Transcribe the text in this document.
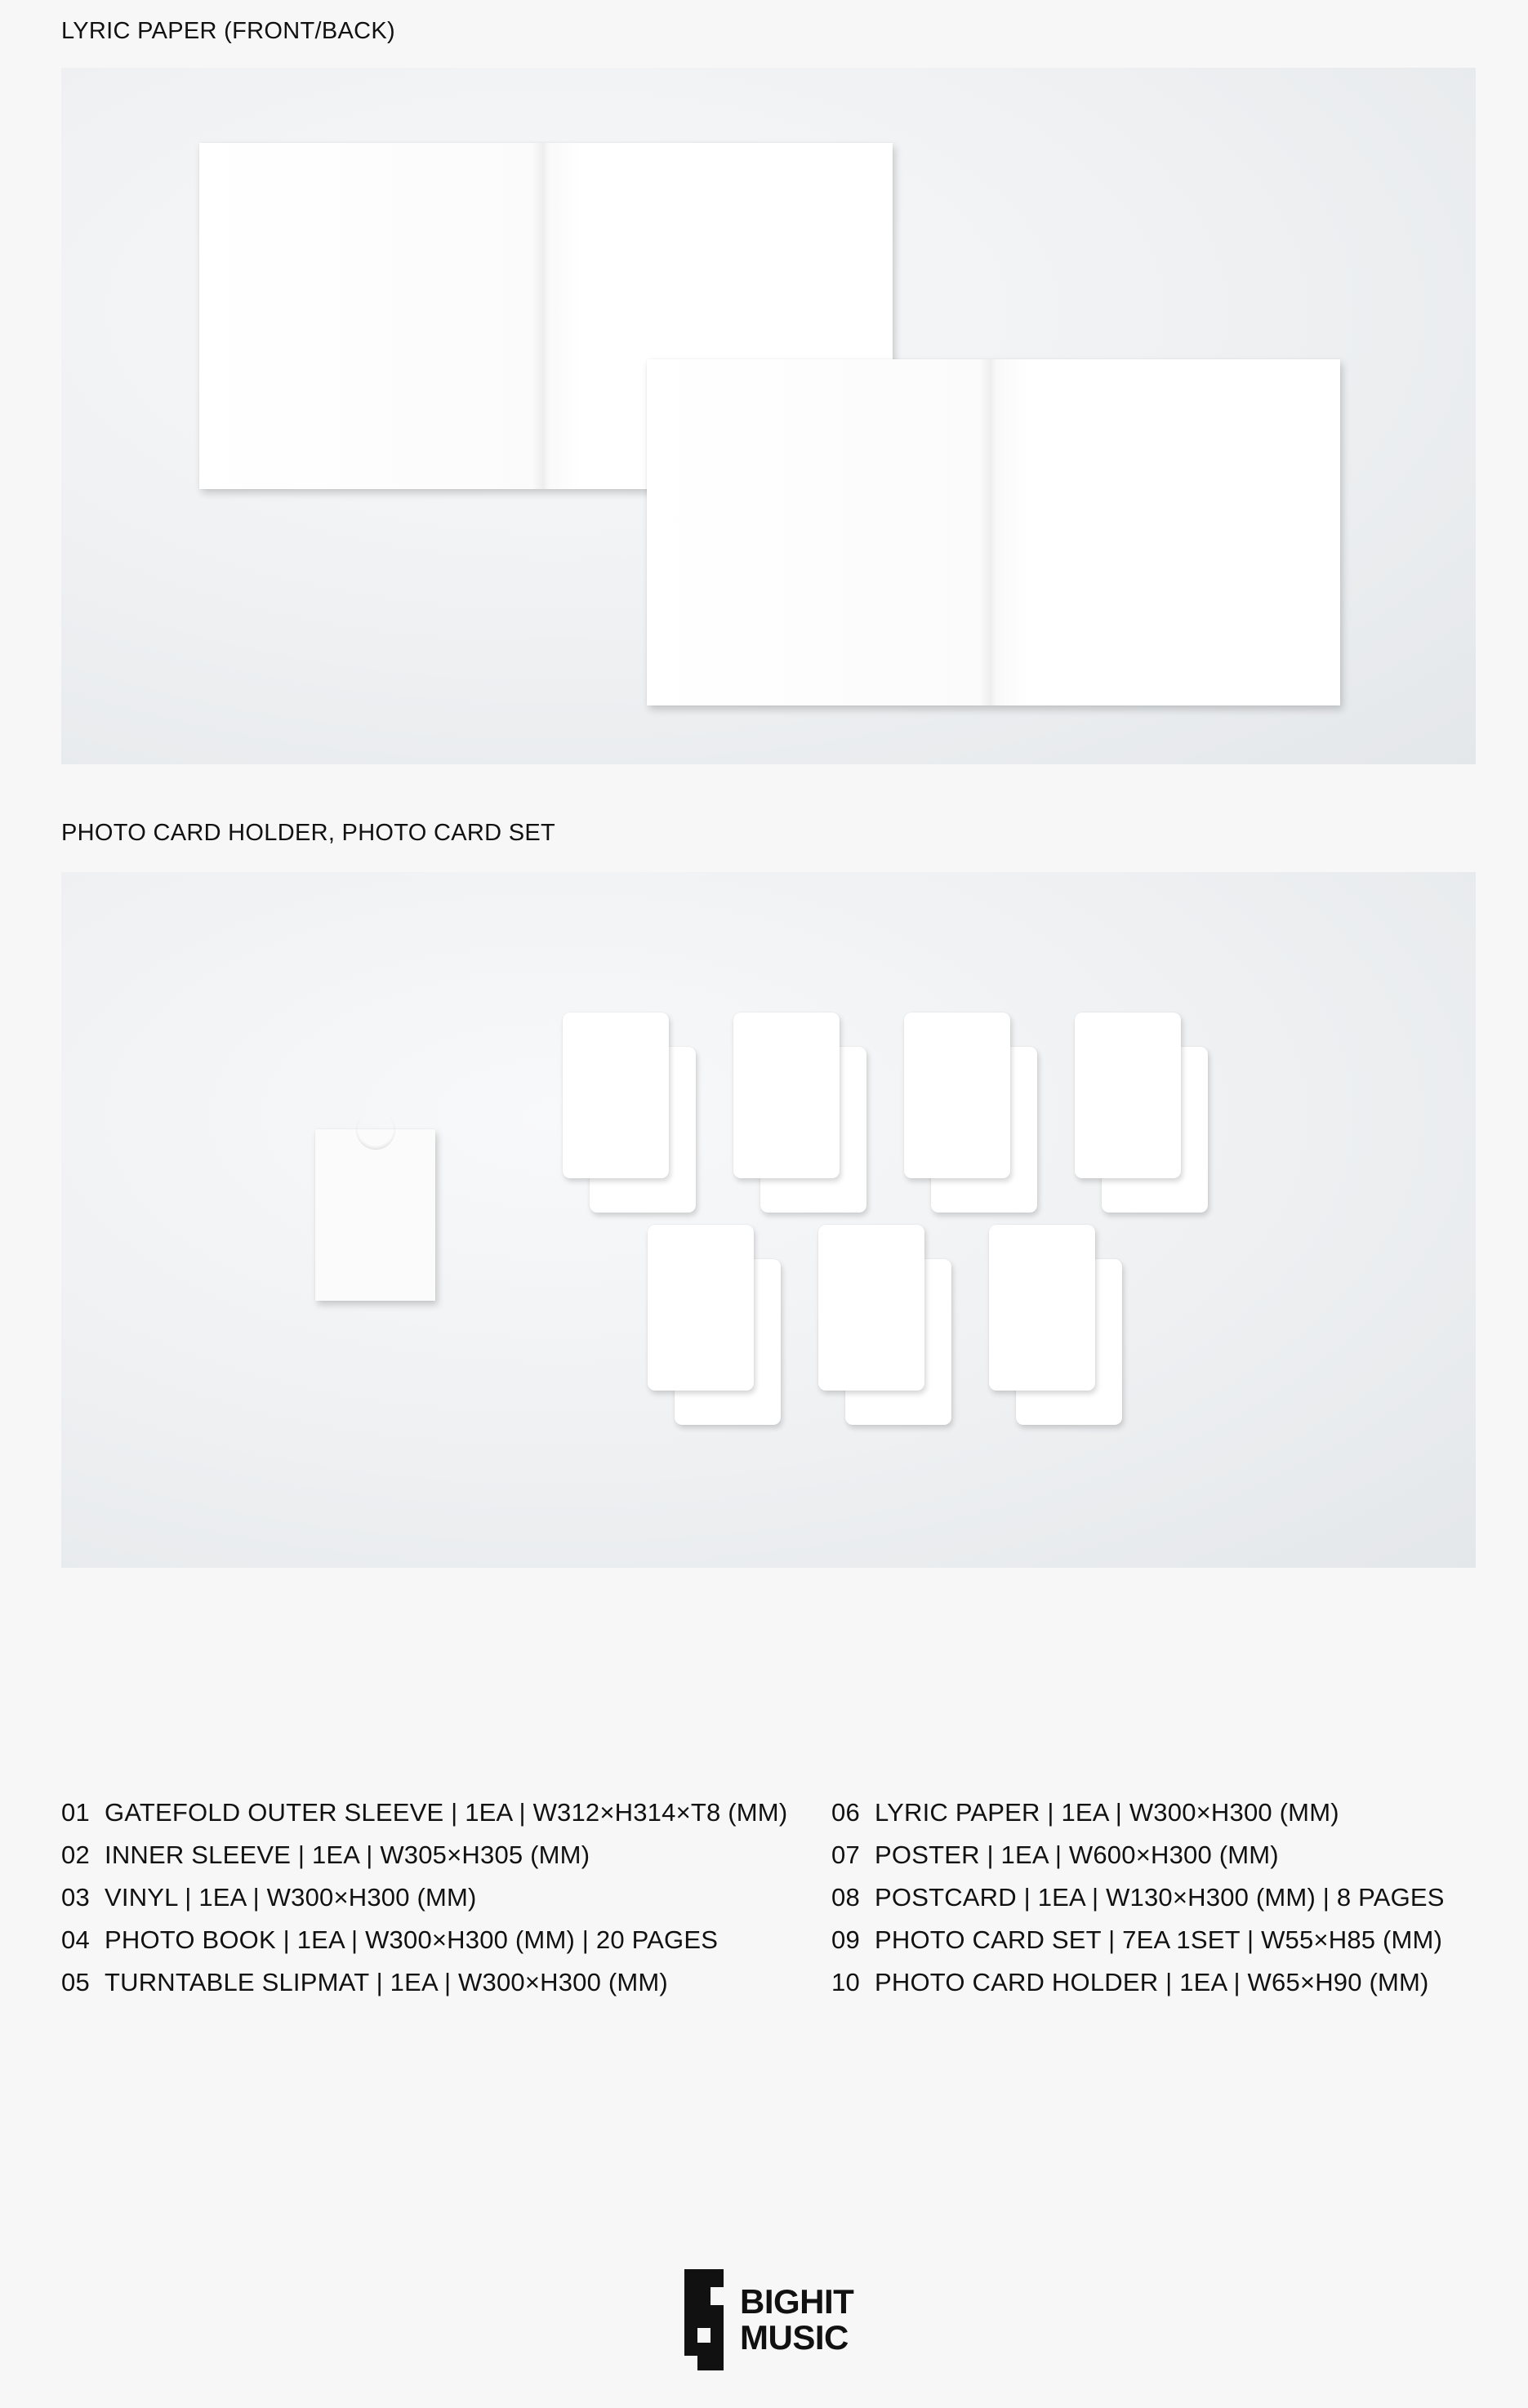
LYRIC PAPER (FRONT/BACK)
PHOTO CARD HOLDER, PHOTO CARD SET
01 GATEFOLD OUTER SLEEVE | 1EA | W312×H314×T8 (MM)
02 INNER SLEEVE | 1EA | W305×H305 (MM)
03 VINYL | 1EA | W300×H300 (MM)
04 PHOTO BOOK | 1EA | W300×H300 (MM) | 20 PAGES
05 TURNTABLE SLIPMAT | 1EA | W300×H300 (MM)
06 LYRIC PAPER | 1EA | W300×H300 (MM)
07 POSTER | 1EA | W600×H300 (MM)
08 POSTCARD | 1EA | W130×H300 (MM) | 8 PAGES
09 PHOTO CARD SET | 7EA 1SET | W55×H85 (MM)
10 PHOTO CARD HOLDER | 1EA | W65×H90 (MM)
BIGHIT
MUSIC
